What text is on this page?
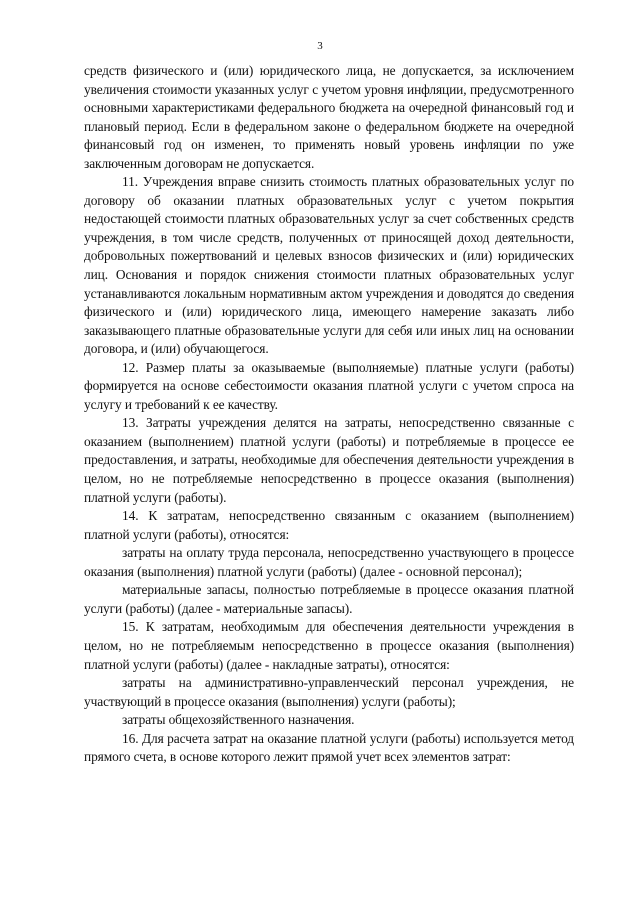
3

средств физического и (или) юридического лица, не допускается, за исключением увеличения стоимости указанных услуг с учетом уровня инфляции, предусмотренного основными характеристиками федерального бюджета на очередной финансовый год и плановый период. Если в федеральном законе о федеральном бюджете на очередной финансовый год он изменен, то применять новый уровень инфляции по уже заключенным договорам не допускается.

11. Учреждения вправе снизить стоимость платных образовательных услуг по договору об оказании платных образовательных услуг с учетом покрытия недостающей стоимости платных образовательных услуг за счет собственных средств учреждения, в том числе средств, полученных от приносящей доход деятельности, добровольных пожертвований и целевых взносов физических и (или) юридических лиц. Основания и порядок снижения стоимости платных образовательных услуг устанавливаются локальным нормативным актом учреждения и доводятся до сведения физического и (или) юридического лица, имеющего намерение заказать либо заказывающего платные образовательные услуги для себя или иных лиц на основании договора, и (или) обучающегося.

12. Размер платы за оказываемые (выполняемые) платные услуги (работы) формируется на основе себестоимости оказания платной услуги с учетом спроса на услугу и требований к ее качеству.

13. Затраты учреждения делятся на затраты, непосредственно связанные с оказанием (выполнением) платной услуги (работы) и потребляемые в процессе ее предоставления, и затраты, необходимые для обеспечения деятельности учреждения в целом, но не потребляемые непосредственно в процессе оказания (выполнения) платной услуги (работы).

14. К затратам, непосредственно связанным с оказанием (выполнением) платной услуги (работы), относятся:

затраты на оплату труда персонала, непосредственно участвующего в процессе оказания (выполнения) платной услуги (работы) (далее - основной персонал);

материальные запасы, полностью потребляемые в процессе оказания платной услуги (работы) (далее - материальные запасы).

15. К затратам, необходимым для обеспечения деятельности учреждения в целом, но не потребляемым непосредственно в процессе оказания (выполнения) платной услуги (работы) (далее - накладные затраты), относятся:

затраты на административно-управленческий персонал учреждения, не участвующий в процессе оказания (выполнения) услуги (работы);

затраты общехозяйственного назначения.

16. Для расчета затрат на оказание платной услуги (работы) используется метод прямого счета, в основе которого лежит прямой учет всех элементов затрат:
